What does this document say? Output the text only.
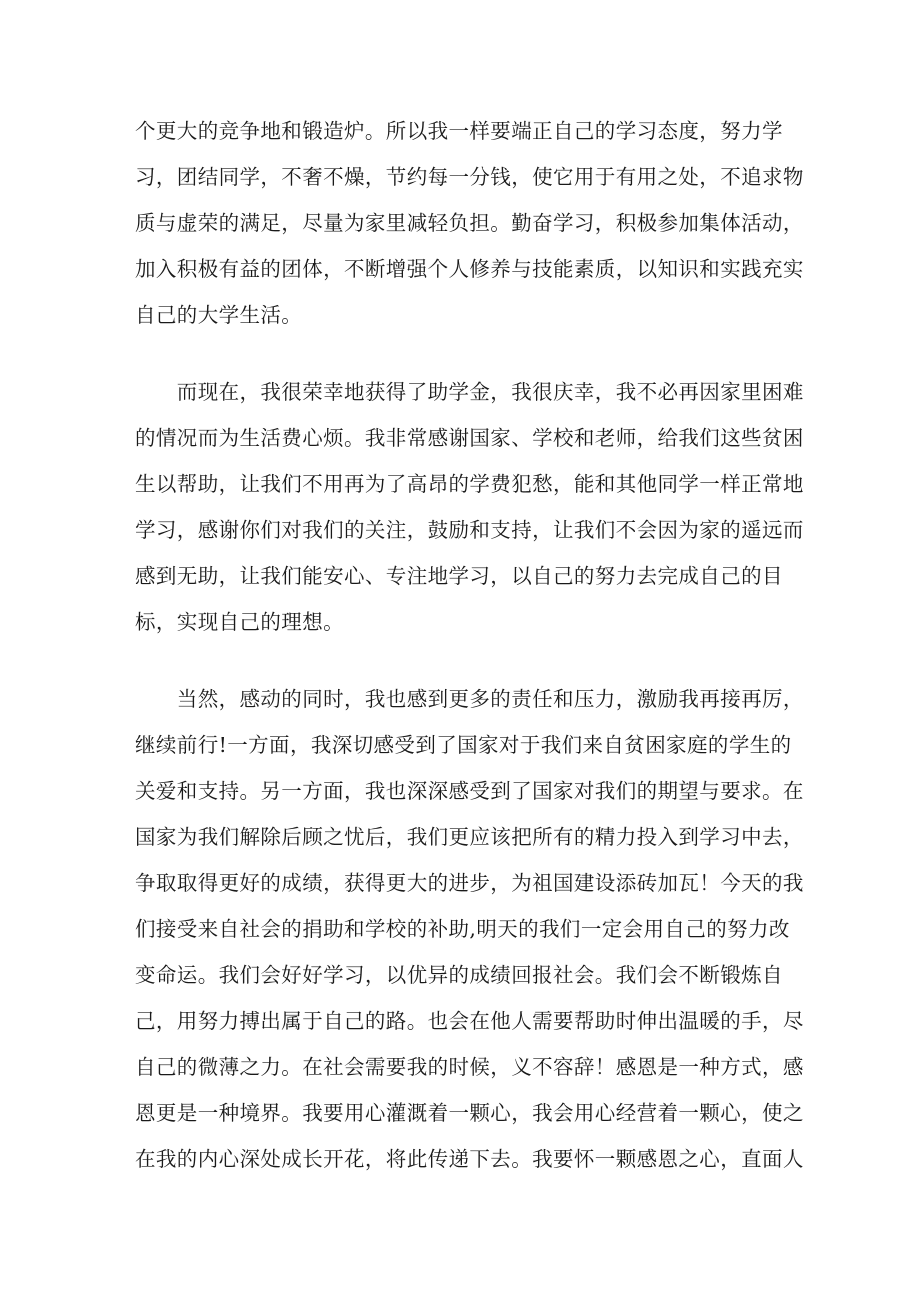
个更大的竞争地和锻造炉。所以我一样要端正自己的学习态度，努力学
习，团结同学，不奢不燥，节约每一分钱，使它用于有用之处，不追求物
质与虚荣的满足，尽量为家里减轻负担。勤奋学习，积极参加集体活动，
加入积极有益的团体，不断增强个人修养与技能素质，以知识和实践充实
自己的大学生活。
　　而现在，我很荣幸地获得了助学金，我很庆幸，我不必再因家里困难
的情况而为生活费心烦。我非常感谢国家、学校和老师，给我们这些贫困
生以帮助，让我们不用再为了高昂的学费犯愁，能和其他同学一样正常地
学习，感谢你们对我们的关注，鼓励和支持，让我们不会因为家的遥远而
感到无助，让我们能安心、专注地学习，以自己的努力去完成自己的目
标，实现自己的理想。
　　当然，感动的同时，我也感到更多的责任和压力，激励我再接再厉，
继续前行!一方面，我深切感受到了国家对于我们来自贫困家庭的学生的
关爱和支持。另一方面，我也深深感受到了国家对我们的期望与要求。在
国家为我们解除后顾之忧后，我们更应该把所有的精力投入到学习中去，
争取取得更好的成绩，获得更大的进步，为祖国建设添砖加瓦！今天的我
们接受来自社会的捐助和学校的补助,明天的我们一定会用自己的努力改
变命运。我们会好好学习，以优异的成绩回报社会。我们会不断锻炼自
己，用努力搏出属于自己的路。也会在他人需要帮助时伸出温暖的手，尽
自己的微薄之力。在社会需要我的时候，义不容辞！感恩是一种方式，感
恩更是一种境界。我要用心灌溉着一颗心，我会用心经营着一颗心，使之
在我的内心深处成长开花，将此传递下去。我要怀一颗感恩之心，直面人
